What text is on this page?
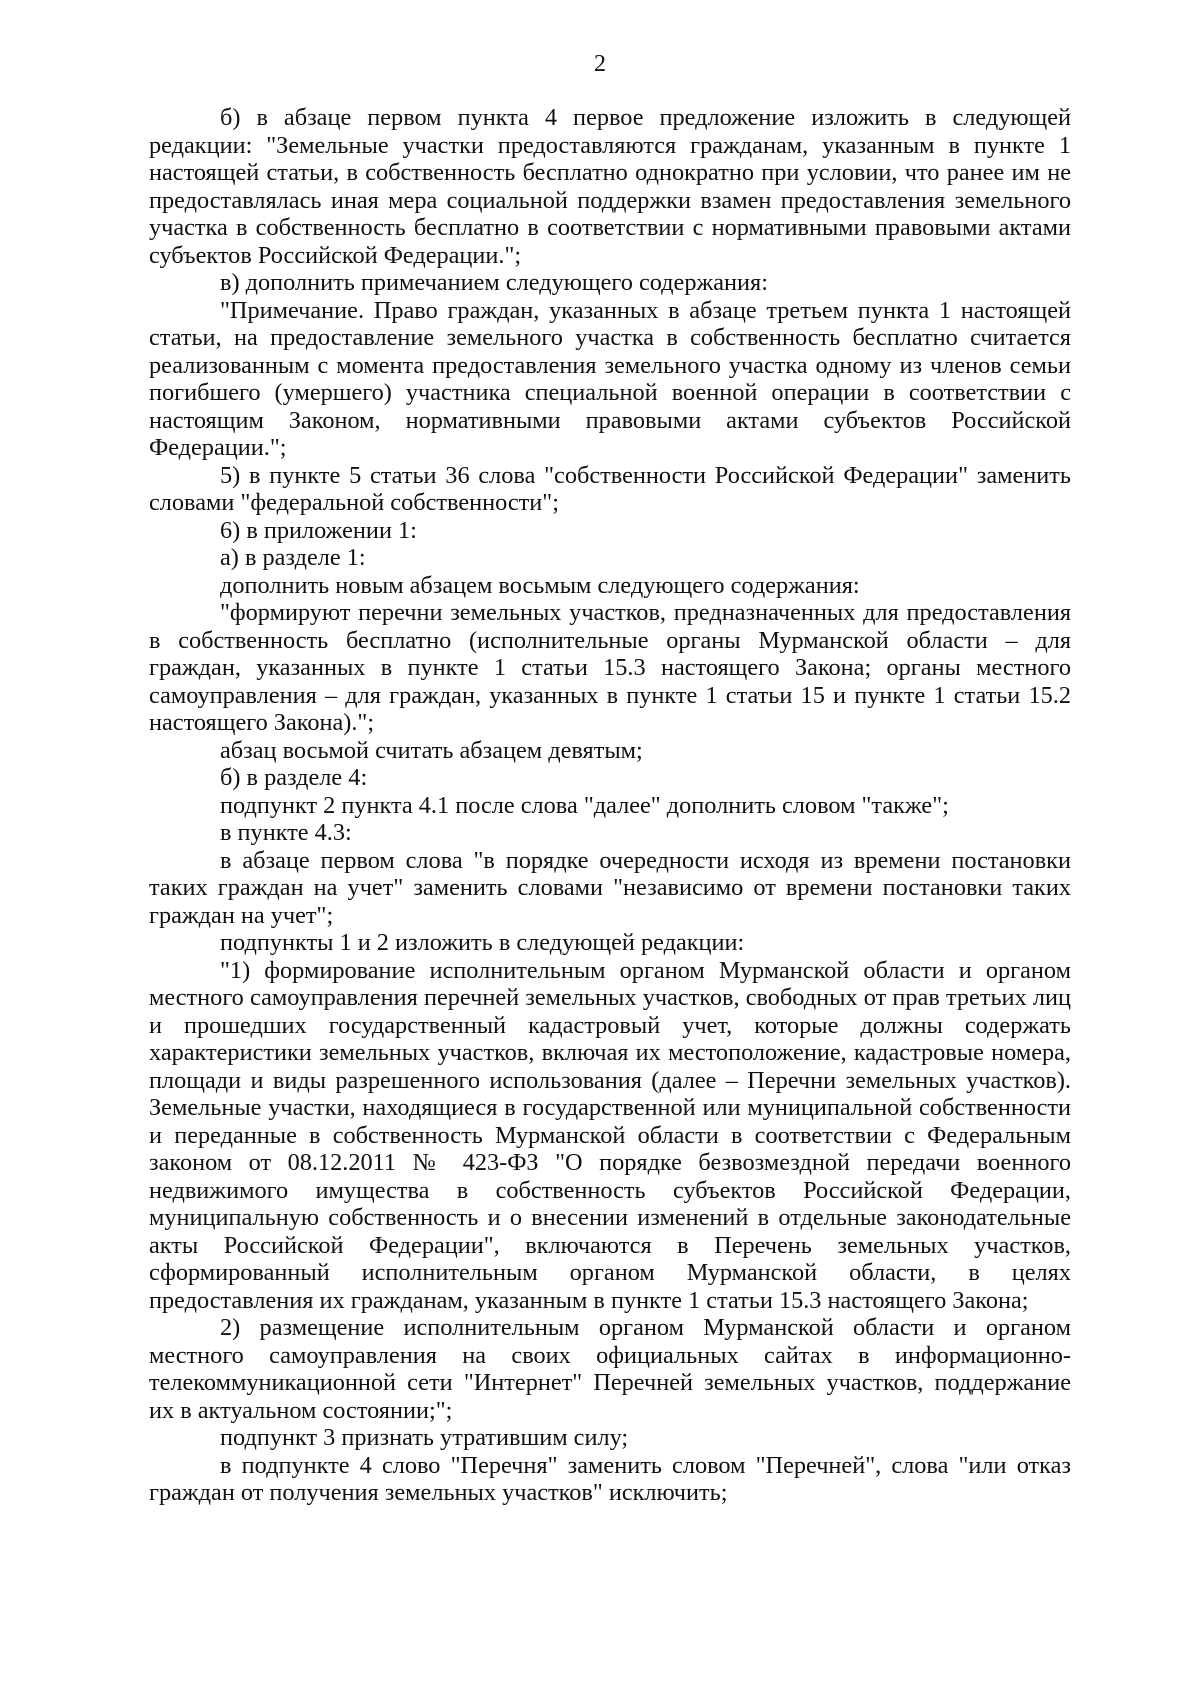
2

б) в абзаце первом пункта 4 первое предложение изложить в следующей редакции: "Земельные участки предоставляются гражданам, указанным в пункте 1 настоящей статьи, в собственность бесплатно однократно при условии, что ранее им не предоставлялась иная мера социальной поддержки взамен предоставления земельного участка в собственность бесплатно в соответствии с нормативными правовыми актами субъектов Российской Федерации.";

в) дополнить примечанием следующего содержания:

"Примечание. Право граждан, указанных в абзаце третьем пункта 1 настоящей статьи, на предоставление земельного участка в собственность бесплатно считается реализованным с момента предоставления земельного участка одному из членов семьи погибшего (умершего) участника специальной военной операции в соответствии с настоящим Законом, нормативными правовыми актами субъектов Российской Федерации.";

5) в пункте 5 статьи 36 слова "собственности Российской Федерации" заменить словами "федеральной собственности";

6) в приложении 1:

а) в разделе 1:

дополнить новым абзацем восьмым следующего содержания:

"формируют перечни земельных участков, предназначенных для предоставления в собственность бесплатно (исполнительные органы Мурманской области – для граждан, указанных в пункте 1 статьи 15.3 настоящего Закона; органы местного самоуправления – для граждан, указанных в пункте 1 статьи 15 и пункте 1 статьи 15.2 настоящего Закона).";

абзац восьмой считать абзацем девятым;

б) в разделе 4:

подпункт 2 пункта 4.1 после слова "далее" дополнить словом "также";

в пункте 4.3:

в абзаце первом слова "в порядке очередности исходя из времени постановки таких граждан на учет" заменить словами "независимо от времени постановки таких граждан на учет";

подпункты 1 и 2 изложить в следующей редакции:

"1) формирование исполнительным органом Мурманской области и органом местного самоуправления перечней земельных участков, свободных от прав третьих лиц и прошедших государственный кадастровый учет, которые должны содержать характеристики земельных участков, включая их местоположение, кадастровые номера, площади и виды разрешенного использования (далее – Перечни земельных участков). Земельные участки, находящиеся в государственной или муниципальной собственности и переданные в собственность Мурманской области в соответствии с Федеральным законом от 08.12.2011 № 423-ФЗ "О порядке безвозмездной передачи военного недвижимого имущества в собственность субъектов Российской Федерации, муниципальную собственность и о внесении изменений в отдельные законодательные акты Российской Федерации", включаются в Перечень земельных участков, сформированный исполнительным органом Мурманской области, в целях предоставления их гражданам, указанным в пункте 1 статьи 15.3 настоящего Закона;

2) размещение исполнительным органом Мурманской области и органом местного самоуправления на своих официальных сайтах в информационно-телекоммуникационной сети "Интернет" Перечней земельных участков, поддержание их в актуальном состоянии;";

подпункт 3 признать утратившим силу;

в подпункте 4 слово "Перечня" заменить словом "Перечней", слова "или отказ граждан от получения земельных участков" исключить;
